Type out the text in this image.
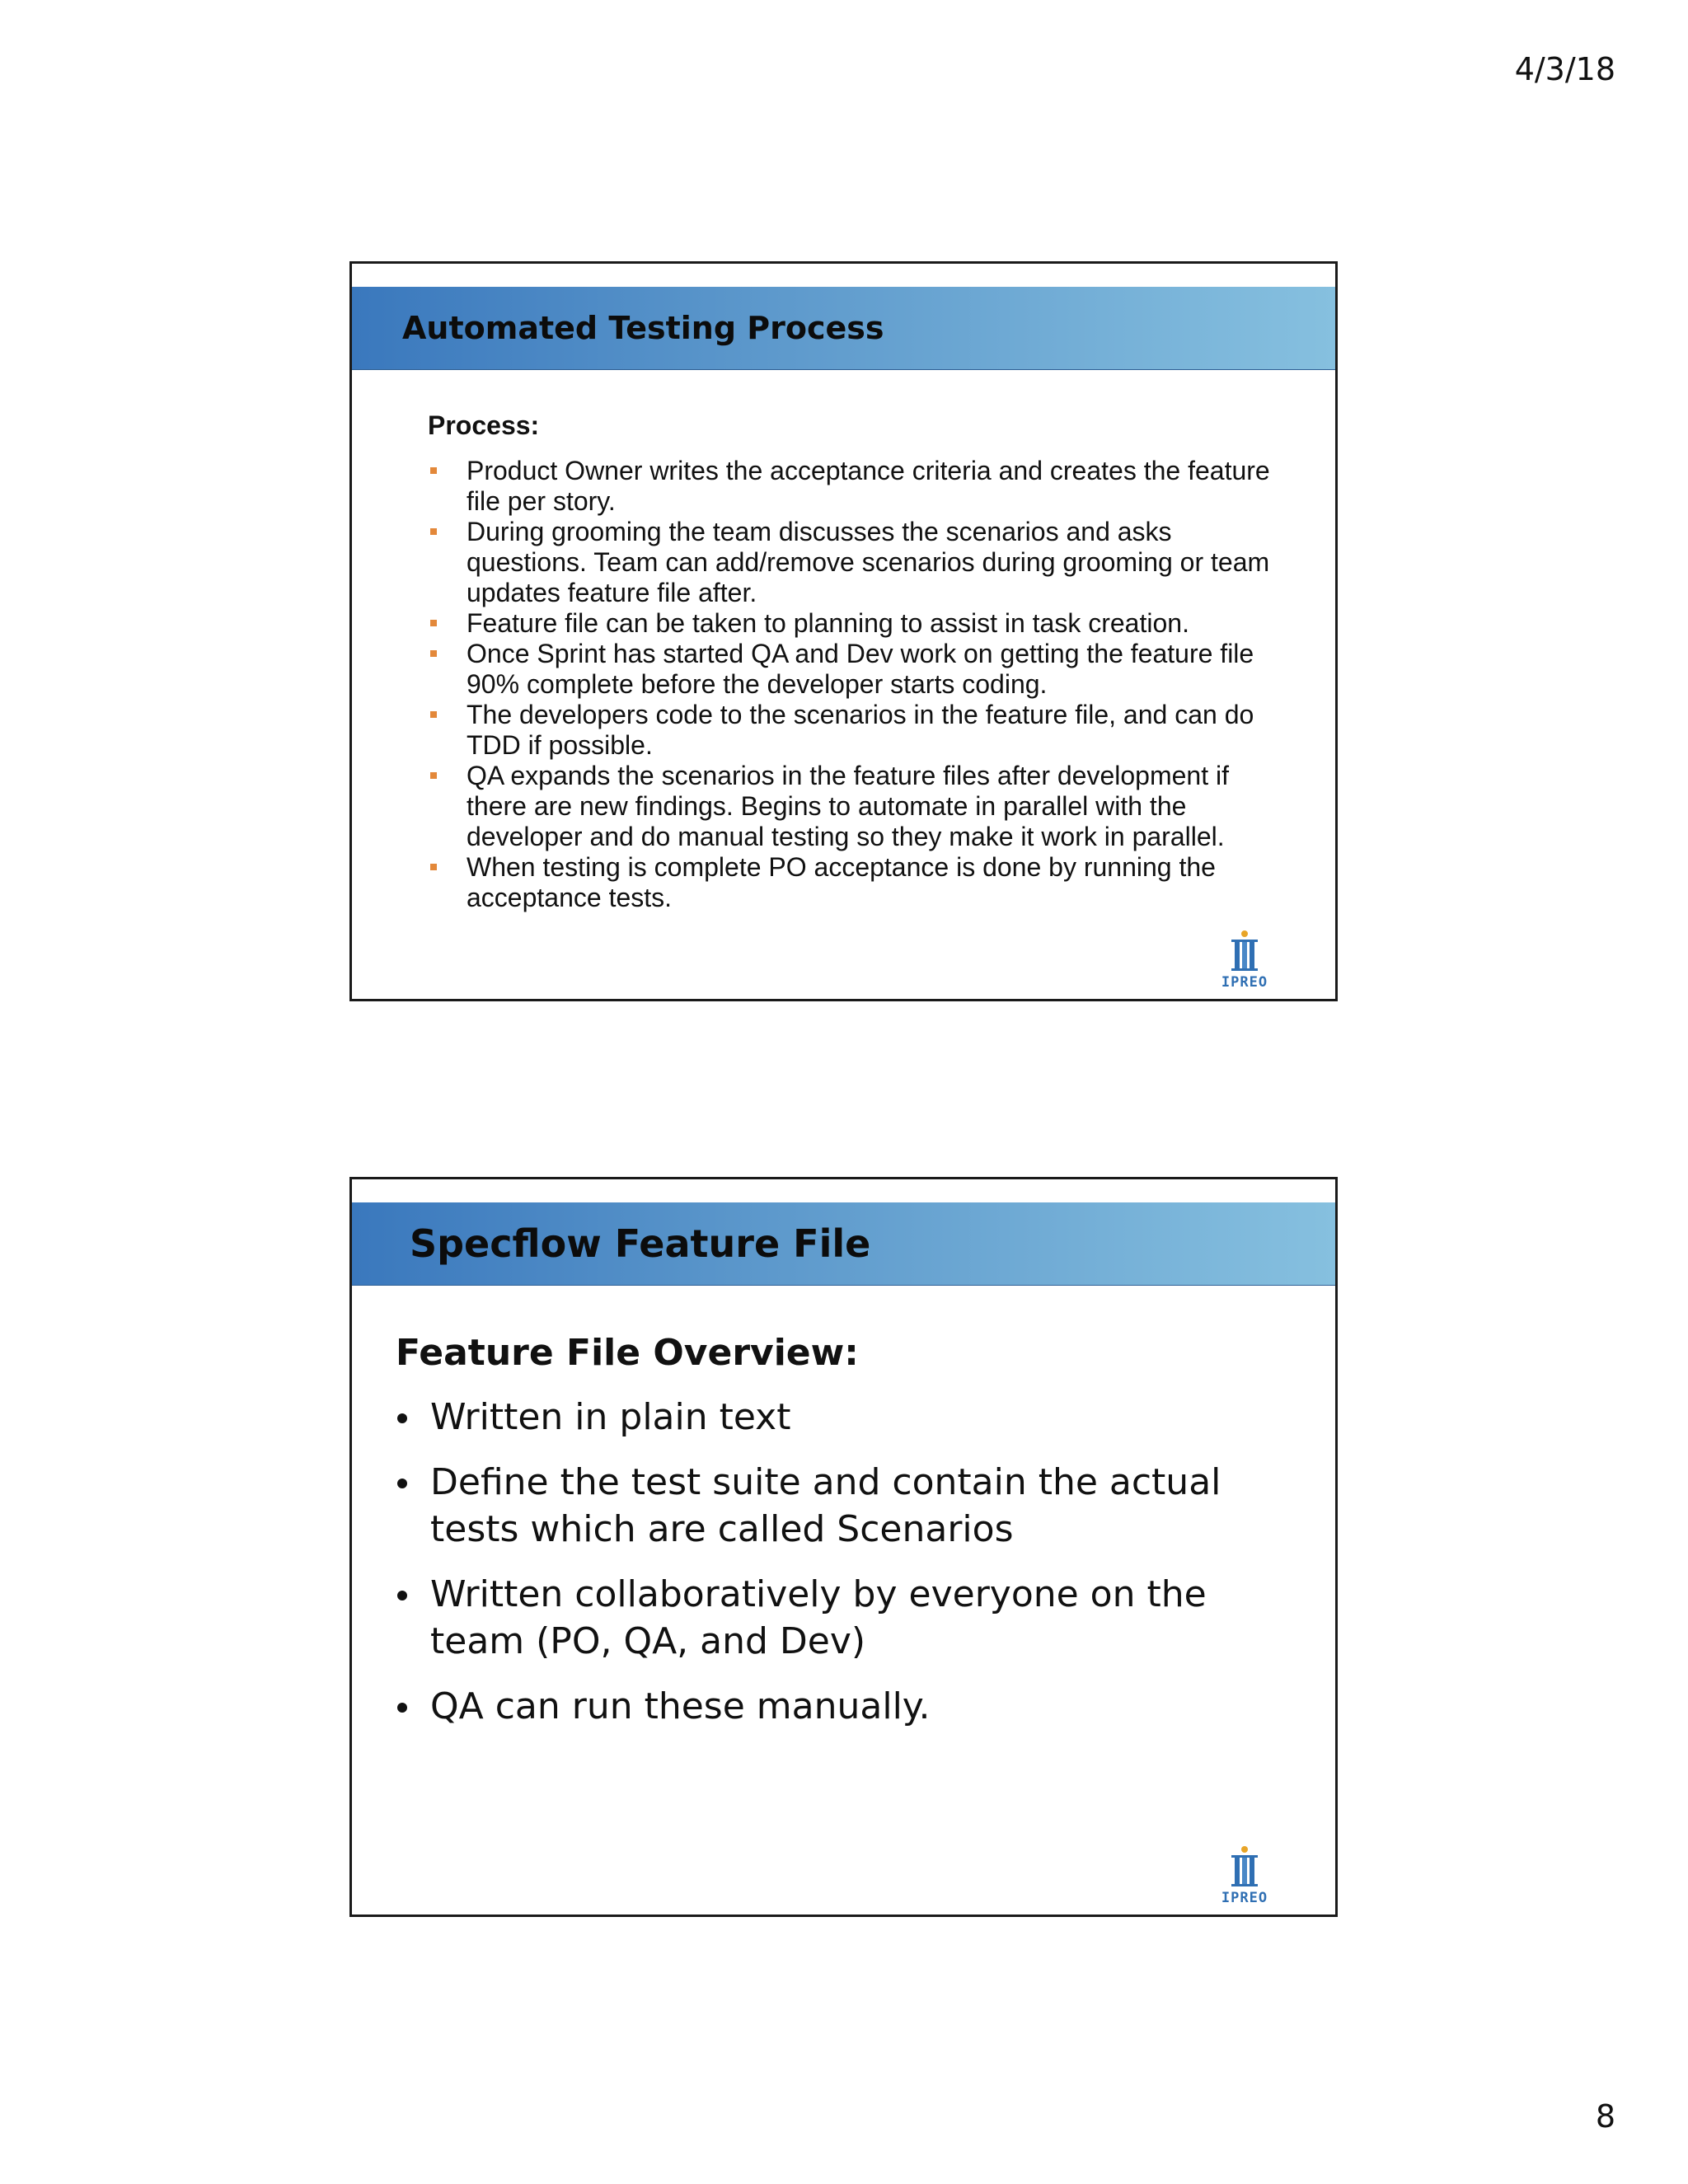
4/3/18
Automated Testing Process

Process:

Product Owner writes the acceptance criteria and creates the feature file per story.
During grooming the team discusses the scenarios and asks questions. Team can add/remove scenarios during grooming or team updates feature file after.
Feature file can be taken to planning to assist in task creation.
Once Sprint has started QA and Dev work on getting the feature file 90% complete before the developer starts coding.
The developers code to the scenarios in the feature file, and can do TDD if possible.
QA expands the scenarios in the feature files after development if there are new findings. Begins to automate in parallel with the developer and do manual testing so they make it work in parallel.
When testing is complete PO acceptance is done by running the acceptance tests.
IPREO
Specflow Feature File

Feature File Overview:

Written in plain text
Define the test suite and contain the actual tests which are called Scenarios
Written collaboratively by everyone on the team (PO, QA, and Dev)
QA can run these manually.
IPREO
8
